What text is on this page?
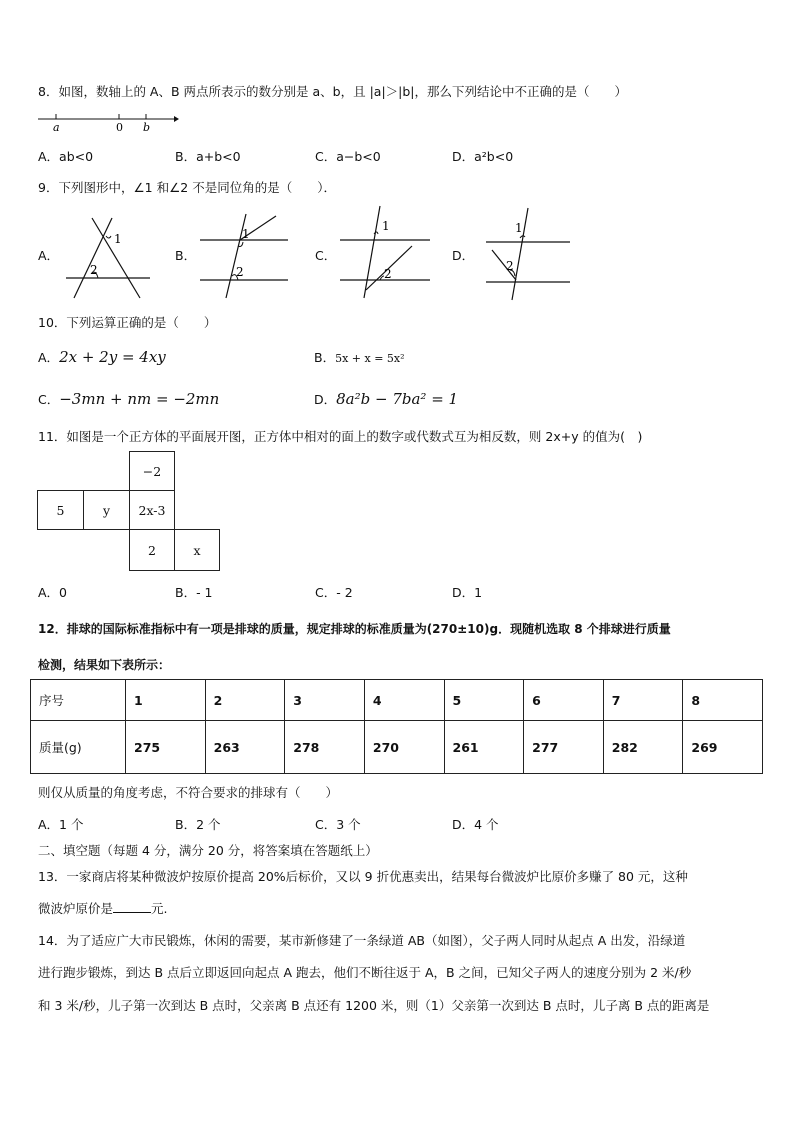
8．如图，数轴上的 A、B 两点所表示的数分别是 a、b，且 |a|＞|b|，那么下列结论中不正确的是（　　）
a	0 b
A．ab<0	B．a+b<0	C．a−b<0	D．a²b<0
9．下列图形中，∠1 和∠2 不是同位角的是（　　）．
A．
1
2
B．
1
2
C．
1
2
D．
1
2
10．下列运算正确的是（　　）
A．2x + 2y = 4xy	B．5x + x = 5x²
C．−3mn + nm = −2mn	D．8a²b − 7ba² = 1
11．如图是一个正方体的平面展开图，正方体中相对的面上的数字或代数式互为相反数，则 2x+y 的值为(　)
−2
5	y	2x-3
2	x
A．0	B．- 1	C．- 2	D．1
12．排球的国际标准指标中有一项是排球的质量，规定排球的标准质量为(270±10)g．现随机选取 8 个排球进行质量
检测，结果如下表所示：
序号	1	2	3	4	5	6	7	8
质量(g)	275	263	278	270	261	277	282	269
则仅从质量的角度考虑，不符合要求的排球有（　　）
A．1 个	B．2 个	C．3 个	D．4 个
二、填空题（每题 4 分，满分 20 分，将答案填在答题纸上）
13．一家商店将某种微波炉按原价提高 20%后标价，又以 9 折优惠卖出，结果每台微波炉比原价多赚了 80 元，这种
微波炉原价是	元.
14．为了适应广大市民锻炼，休闲的需要，某市新修建了一条绿道 AB（如图），父子两人同时从起点 A 出发，沿绿道
进行跑步锻炼，到达 B 点后立即返回向起点 A 跑去，他们不断往返于 A，B 之间，已知父子两人的速度分别为 2 米/秒
和 3 米/秒，儿子第一次到达 B 点时，父亲离 B 点还有 1200 米，则（1）父亲第一次到达 B 点时，儿子离 B 点的距离是
